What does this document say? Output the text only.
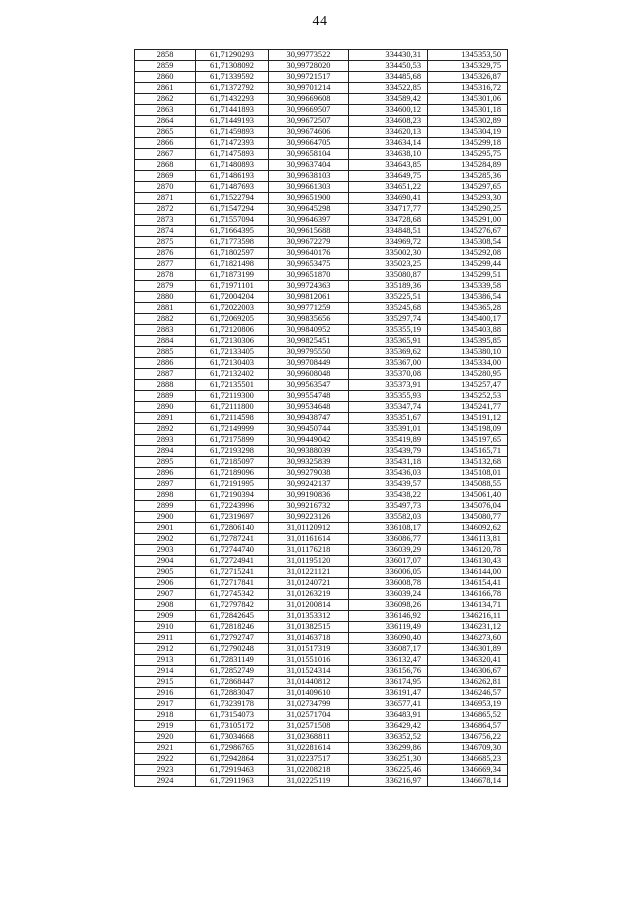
44
2858	61,71290293	30,99773522	334430,31	1345353,50
2859	61,71308092	30,99728020	334450,53	1345329,75
2860	61,71339592	30,99721517	334485,68	1345326,87
2861	61,71372792	30,99701214	334522,85	1345316,72
2862	61,71432293	30,99669608	334589,42	1345301,06
2863	61,71441893	30,99669507	334600,12	1345301,18
2864	61,71449193	30,99672507	334608,23	1345302,89
2865	61,71459893	30,99674606	334620,13	1345304,19
2866	61,71472393	30,99664705	334634,14	1345299,18
2867	61,71475893	30,99658104	334638,10	1345295,75
2868	61,71480893	30,99637404	334643,85	1345284,89
2869	61,71486193	30,99638103	334649,75	1345285,36
2870	61,71487693	30,99661303	334651,22	1345297,65
2871	61,71522794	30,99651900	334690,41	1345293,30
2872	61,71547294	30,99645298	334717,77	1345290,25
2873	61,71557094	30,99646397	334728,68	1345291,00
2874	61,71664395	30,99615688	334848,51	1345276,67
2875	61,71773598	30,99672279	334969,72	1345308,54
2876	61,71802597	30,99640176	335002,30	1345292,08
2877	61,71821498	30,99653475	335023,25	1345299,44
2878	61,71873199	30,99651870	335080,87	1345299,51
2879	61,71971101	30,99724363	335189,36	1345339,58
2880	61,72004204	30,99812061	335225,51	1345386,54
2881	61,72022003	30,99771259	335245,68	1345365,28
2882	61,72069205	30,99835656	335297,74	1345400,17
2883	61,72120806	30,99840952	335355,19	1345403,88
2884	61,72130306	30,99825451	335365,91	1345395,85
2885	61,72133405	30,99795550	335369,62	1345380,10
2886	61,72130403	30,99708449	335367,00	1345334,00
2887	61,72132402	30,99608048	335370,08	1345280,95
2888	61,72135501	30,99563547	335373,91	1345257,47
2889	61,72119300	30,99554748	335355,93	1345252,53
2890	61,72111800	30,99534648	335347,74	1345241,77
2891	61,72114598	30,99438747	335351,67	1345191,12
2892	61,72149999	30,99450744	335391,01	1345198,09
2893	61,72175899	30,99449042	335419,89	1345197,65
2894	61,72193298	30,99388039	335439,79	1345165,71
2895	61,72185097	30,99325839	335431,18	1345132,68
2896	61,72189096	30,99279038	335436,03	1345108,01
2897	61,72191995	30,99242137	335439,57	1345088,55
2898	61,72190394	30,99190836	335438,22	1345061,40
2899	61,72243996	30,99216732	335497,73	1345076,04
2900	61,72319697	30,99223126	335582,03	1345080,77
2901	61,72806140	31,01120912	336108,17	1346092,62
2902	61,72787241	31,01161614	336086,77	1346113,81
2903	61,72744740	31,01176218	336039,29	1346120,78
2904	61,72724941	31,01195120	336017,07	1346130,43
2905	61,72715241	31,01221121	336006,05	1346144,00
2906	61,72717841	31,01240721	336008,78	1346154,41
2907	61,72745342	31,01263219	336039,24	1346166,78
2908	61,72797842	31,01200814	336098,26	1346134,71
2909	61,72842645	31,01353312	336146,92	1346216,11
2910	61,72818246	31,01382515	336119,49	1346231,12
2911	61,72792747	31,01463718	336090,40	1346273,60
2912	61,72790248	31,01517319	336087,17	1346301,89
2913	61,72831149	31,01551016	336132,47	1346320,41
2914	61,72852749	31,01524314	336156,76	1346306,67
2915	61,72868447	31,01440812	336174,95	1346262,81
2916	61,72883047	31,01409610	336191,47	1346246,57
2917	61,73239178	31,02734799	336577,41	1346953,19
2918	61,73154073	31,02571704	336483,91	1346865,52
2919	61,73105172	31,02571508	336429,42	1346864,57
2920	61,73034668	31,02368811	336352,52	1346756,22
2921	61,72986765	31,02281614	336299,86	1346709,30
2922	61,72942864	31,02237517	336251,30	1346685,23
2923	61,72919463	31,02208218	336225,46	1346669,34
2924	61,72911963	31,02225119	336216,97	1346678,14
